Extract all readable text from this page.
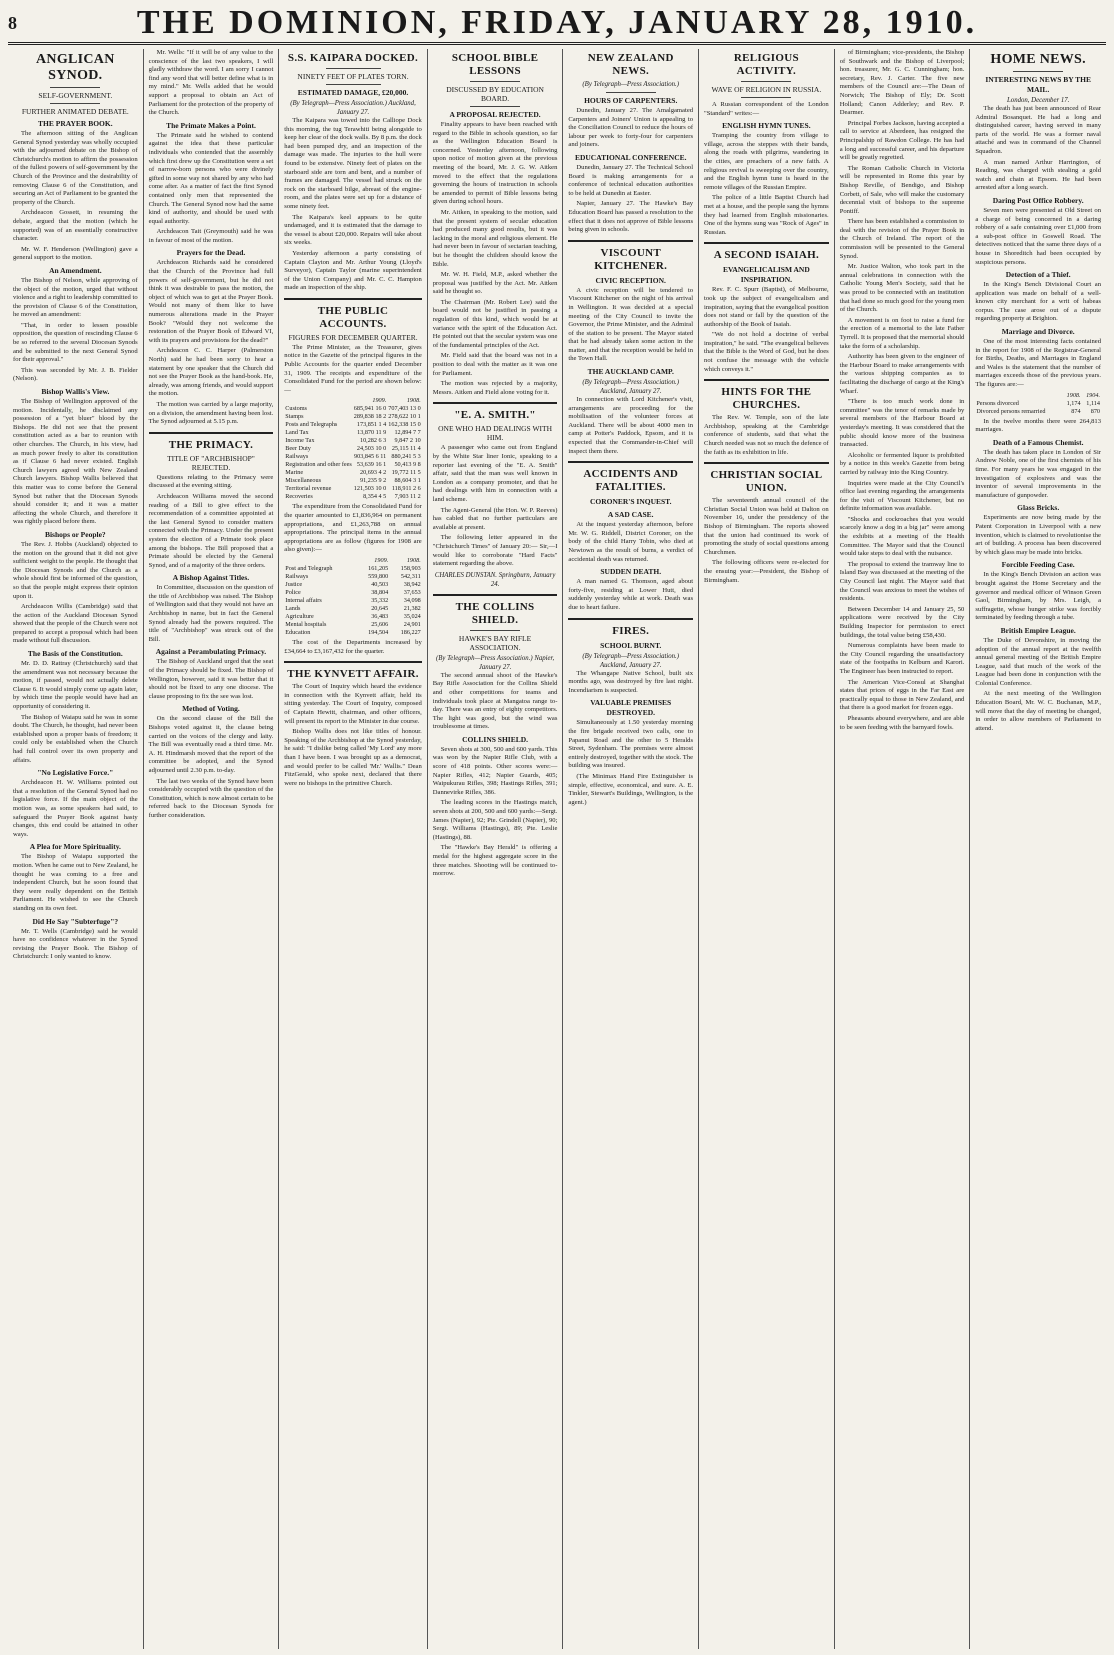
8	THE DOMINION, FRIDAY, JANUARY 28, 1910.
ANGLICAN SYNOD.
SELF-GOVERNMENT.
FURTHER ANIMATED DEBATE.
THE PRAYER BOOK.

The afternoon sitting of the Anglican General Synod yesterday was wholly occupied with the adjourned debate on the Bishop of Christchurch's motion to affirm the possession of the fullest powers of self-government by the Church of the Province and the desirability of removing Clause 6 of the Constitution, and securing an Act of Parliament to be granted the property of the Church.

Archdeacon Gossett, in resuming the debate, argued that the motion (which he supported) was of an essentially constructive character.

Mr. W. F. Henderson (Wellington) gave a general support to the motion.

An Amendment.

The Bishop of Nelson, while approving of the object of the motion, urged that without violence and a right to leadership committed to the provision of Clause 6 of the Constitution, he moved an amendment:

"That, in order to lessen possible opposition, the question of rescinding Clause 6 be so referred to the several Diocesan Synods and be submitted to the next General Synod for their approval."

This was seconded by Mr. J. B. Fielder (Nelson).

Bishop Wallis's View.

The Bishop of Wellington approved of the motion. Incidentally, he disclaimed any possession of a "yet bluer" blood by the Bishops. He did not see that the present constitution acted as a bar to reunion with other churches. The Church, in his view, had as much power freely to alter its constitution as if Clause 6 had never existed. English Church lawyers agreed with New Zealand Church lawyers. Bishop Wallis believed that this matter was to come before the General Synod but rather that the Diocesan Synods should consider it; and it was a matter affecting the whole Church, and therefore it was rightly placed before them.

Bishops or People?

The Rev. J. Hobbs (Auckland) objected to the motion on the ground that it did not give sufficient weight to the people. He thought that the Diocesan Synods and the Church as a whole should first be informed of the question, so that the people might express their opinion upon it.

Archdeacon Willis (Cambridge) said that the action of the Auckland Diocesan Synod showed that the people of the Church were not prepared to accept a proposal which had been made without full discussion.

The Basis of the Constitution.

Mr. D. D. Rattray (Christchurch) said that the amendment was not necessary because the motion, if passed, would not actually delete Clause 6. It would simply come up again later, by which time the people would have had an opportunity of considering it.

The Bishop of Waiapu said he was in some doubt. The Church, he thought, had never been established upon a proper basis of freedom; it could only be established when the Church had full control over its own property and affairs.

"No Legislative Force."

Archdeacon H. W. Williams pointed out that a resolution of the General Synod had no legislative force. If the main object of the motion was, as some speakers had said, to safeguard the Prayer Book against hasty changes, this end could be attained in other ways.

A Plea for More Spirituality.

The Bishop of Waiapu supported the motion. When he came out to New Zealand, he thought he was coming to a free and independent Church, but he soon found that they were really dependent on the British Parliament. He wished to see the Church standing on its own feet.

Did He Say "Subterfuge"?

Mr. T. Wells (Cambridge) said he would have no confidence whatever in the Synod revising the Prayer Book. The Bishop of Christchurch: I only wanted to know.

Mr. Wells: "If it will be of any value to the conscience of the last two speakers, I will gladly withdraw the word. I am sorry I cannot find any word that will better define what is in my mind." Mr. Wells added that he would support a proposal to obtain an Act of Parliament for the protection of the property of the Church.

The Primate Makes a Point.

The Primate said he wished to contend against the idea that these particular individuals who contended that the assembly which first drew up the Constitution were a set of narrow-born persons who were divinely gifted in some way not shared by any who had come after. As a matter of fact the first Synod contained only men that represented the Church. The General Synod now had the same kind of authority, and should be used with equal authority.

Archdeacon Tait (Greymouth) said he was in favour of most of the motion.

Prayers for the Dead.

Archdeacon Richards said he considered that the Church of the Province had full powers of self-government, but he did not think it was desirable to pass the motion, the object of which was to get at the Prayer Book. Would not many of them like to have numerous alterations made in the Prayer Book? "Would they not welcome the restoration of the Prayer Book of Edward VI, with its prayers and provisions for the dead?"

Archdeacon C. C. Harper (Palmerston North) said he had been sorry to hear a statement by one speaker that the Church did not see the Prayer Book as the hand-book. He, already, was among friends, and would support the motion.

The motion was carried by a large majority, on a division, the amendment having been lost. The Synod adjourned at 5.15 p.m.

THE PRIMACY.
TITLE OF "ARCHBISHOP" REJECTED.

Questions relating to the Primacy were discussed at the evening sitting.

Archdeacon Williams moved the second reading of a Bill to give effect to the recommendation of a committee appointed at the last General Synod to consider matters connected with the Primacy. Under the present system the election of a Primate took place among the bishops. The Bill proposed that a Primate should be elected by the General Synod, and of a majority of the three orders.

A Bishop Against Titles.

In Committee, discussion on the question of the title of Archbishop was raised. The Bishop of Wellington said that they would not have an Archbishop in name, but in fact the General Synod already had the powers required. The title of "Archbishop" was struck out of the Bill.

Against a Perambulating Primacy.

The Bishop of Auckland urged that the seat of the Primacy should be fixed. The Bishop of Wellington, however, said it was better that it should not be fixed to any one diocese. The clause proposing to fix the see was lost.

Method of Voting.

On the second clause of the Bill the Bishops voted against it, the clause being carried on the voices of the clergy and laity. The Bill was eventually read a third time. Mr. A. H. Hindmarsh moved that the report of the committee be adopted, and the Synod adjourned until 2.30 p.m. to-day.

The last two weeks of the Synod have been considerably occupied with the question of the Constitution, which is now almost certain to be referred back to the Diocesan Synods for further consideration.

S.S. KAIPARA DOCKED.
NINETY FEET OF PLATES TORN.
ESTIMATED DAMAGE, £20,000.
(By Telegraph—Press Association.) Auckland, January 27.

The Kaipara was towed into the Calliope Dock this morning, the tug Terawhiti being alongside to keep her clear of the dock walls. By 8 p.m. the dock had been pumped dry, and an inspection of the damage was made. The injuries to the hull were found to be extensive. Ninety feet of plates on the starboard side are torn and bent, and a number of frames are damaged. The vessel had struck on the rock on the starboard bilge, abreast of the engine-room, and the plates were set up for a distance of some ninety feet.

The Kaipara's keel appears to be quite undamaged, and it is estimated that the damage to the vessel is about £20,000. Repairs will take about six weeks.

Yesterday afternoon a party consisting of Captain Clayton and Mr. Arthur Young (Lloyd's Surveyor), Captain Taylor (marine superintendent of the Union Company) and Mr. C. C. Hampton made an inspection of the ship.

THE PUBLIC ACCOUNTS.
FIGURES FOR DECEMBER QUARTER.

The Prime Minister, as the Treasurer, gives notice in the Gazette of the principal figures in the Public Accounts for the quarter ended December 31, 1909. The receipts and expenditure of the Consolidated Fund for the period are shown below:—

	1909.	1908.
Customs	685,941 16 0	707,403 13 0
Stamps	289,838 18 2	278,622 10 1
Posts and Telegraphs	173,851 1 4	162,338 15 0
Land Tax	13,870 11 9	12,894 7 7
Income Tax	10,282 6 3	9,847 2 10
Beer Duty	24,503 10 0	25,115 11 4
Railways	903,845 6 11	880,241 5 3
Registration and other fees	53,639 16 1	50,413 9 8
Marine	20,693 4 2	19,772 11 5
Miscellaneous	91,235 9 2	88,604 3 1
Territorial revenue	121,503 10 0	118,911 2 6
Recoveries	8,354 4 5	7,903 11 2

The expenditure from the Consolidated Fund for the quarter amounted to £1,836,964 on permanent appropriations, and £1,263,788 on annual appropriations. The principal items in the annual appropriations are as follow (figures for 1908 are also given):—

	1909.	1908.
Post and Telegraph	161,205	158,903
Railways	559,800	542,311
Justice	40,503	38,942
Police	38,804	37,653
Internal affairs	35,332	34,098
Lands	20,645	21,382
Agriculture	36,483	35,024
Mental hospitals	25,606	24,901
Education	194,504	186,227

The cost of the Departments increased by £34,664 to £3,167,432 for the quarter.

THE KYNVETT AFFAIR.

The Court of Inquiry which heard the evidence in connection with the Kynvett affair, held its sitting yesterday. The Court of Inquiry, composed of Captain Hewitt, chairman, and other officers, will present its report to the Minister in due course.

Bishop Wallis does not like titles of honour. Speaking of the Archbishop at the Synod yesterday, he said: "I dislike being called 'My Lord' any more than I have been. I was brought up as a democrat, and would prefer to be called 'Mr.' Wallis." Dean FitzGerald, who spoke next, declared that there were no bishops in the primitive Church.

SCHOOL BIBLE LESSONS
DISCUSSED BY EDUCATION BOARD.
A PROPOSAL REJECTED.

Finality appears to have been reached with regard to the Bible in schools question, so far as the Wellington Education Board is concerned. Yesterday afternoon, following upon notice of motion given at the previous meeting of the board, Mr. J. G. W. Aitken moved to the effect that the regulations governing the hours of instruction in schools be amended to permit of Bible lessons being given during school hours.

Mr. Aitken, in speaking to the motion, said that the present system of secular education had produced many good results, but it was lacking in the moral and religious element. He had never been in favour of sectarian teaching, but he thought the children should know the Bible.

Mr. W. H. Field, M.P., asked whether the proposal was justified by the Act. Mr. Aitken said he thought so.

The Chairman (Mr. Robert Lee) said the board would not be justified in passing a regulation of this kind, which would be at variance with the spirit of the Education Act. He pointed out that the secular system was one of the fundamental principles of the Act.

Mr. Field said that the board was not in a position to deal with the matter as it was one for Parliament.

The motion was rejected by a majority, Messrs. Aitken and Field alone voting for it.

"E. A. SMITH."
ONE WHO HAD DEALINGS WITH HIM.

A passenger who came out from England by the White Star liner Ionic, speaking to a reporter last evening of the "E. A. Smith" affair, said that the man was well known in London as a company promoter, and that he had dealings with him in connection with a land scheme.

The Agent-General (the Hon. W. P. Reeves) has cabled that no further particulars are available at present.

The following letter appeared in the "Christchurch Times" of January 20:— Sir,—I would like to corroborate "Hard Facts" statement regarding the above.

CHARLES DUNSTAN. Springburn, January 24.
THE COLLINS SHIELD.
HAWKE'S BAY RIFLE ASSOCIATION.
(By Telegraph—Press Association.) Napier, January 27.

The second annual shoot of the Hawke's Bay Rifle Association for the Collins Shield and other competitions for teams and individuals took place at Mangatoa range to-day. There was an entry of eighty competitors. The light was good, but the wind was troublesome at times.

COLLINS SHIELD.

Seven shots at 300, 500 and 600 yards. This was won by the Napier Rifle Club, with a score of 418 points. Other scores were:—Napier Rifles, 412; Napier Guards, 405; Waipukurau Rifles, 398; Hastings Rifles, 391; Dannevirke Rifles, 386.

The leading scores in the Hastings match, seven shots at 200, 500 and 600 yards:—Sergt. James (Napier), 92; Pte. Grindell (Napier), 90; Sergt. Williams (Hastings), 89; Pte. Leslie (Hastings), 88.

The "Hawke's Bay Herald" is offering a medal for the highest aggregate score in the three matches. Shooting will be continued to-morrow.

NEW ZEALAND NEWS.
(By Telegraph—Press Association.)
HOURS OF CARPENTERS.

Dunedin, January 27. The Amalgamated Carpenters and Joiners' Union is appealing to the Conciliation Council to reduce the hours of labour per week to forty-four for carpenters and joiners.

EDUCATIONAL CONFERENCE.

Dunedin, January 27. The Technical School Board is making arrangements for a conference of technical education authorities to be held at Dunedin at Easter.

Napier, January 27. The Hawke's Bay Education Board has passed a resolution to the effect that it does not approve of Bible lessons being given in schools.

VISCOUNT KITCHENER.
CIVIC RECEPTION.

A civic reception will be tendered to Viscount Kitchener on the night of his arrival in Wellington. It was decided at a special meeting of the City Council to invite the Governor, the Prime Minister, and the Admiral of the station to be present. The Mayor stated that he had already taken some action in the matter, and that the reception would be held in the Town Hall.

THE AUCKLAND CAMP.
(By Telegraph—Press Association.) Auckland, January 27.

In connection with Lord Kitchener's visit, arrangements are proceeding for the mobilisation of the volunteer forces at Auckland. There will be about 4000 men in camp at Potter's Paddock, Epsom, and it is expected that the Commander-in-Chief will inspect them there.

ACCIDENTS AND FATALITIES.
CORONER'S INQUEST.
A SAD CASE.

At the inquest yesterday afternoon, before Mr. W. G. Riddell, District Coroner, on the body of the child Harry Tobin, who died at Newtown as the result of burns, a verdict of accidental death was returned.

SUDDEN DEATH.

A man named G. Thomson, aged about forty-five, residing at Lower Hutt, died suddenly yesterday while at work. Death was due to heart failure.

FIRES.
SCHOOL BURNT.
(By Telegraph—Press Association.) Auckland, January 27.

The Whangape Native School, built six months ago, was destroyed by fire last night. Incendiarism is suspected.

VALUABLE PREMISES DESTROYED.

Simultaneously at 1.50 yesterday morning the fire brigade received two calls, one to Papanui Road and the other to 5 Heralds Street, Sydenham. The premises were almost entirely destroyed, together with the stock. The building was insured.

(The Minimax Hand Fire Extinguisher is simple, effective, economical, and sure. A. E. Tinkler, Stewart's Buildings, Wellington, is the agent.)

RELIGIOUS ACTIVITY.
WAVE OF RELIGION IN RUSSIA.

A Russian correspondent of the London "Standard" writes:—

ENGLISH HYMN TUNES.

Tramping the country from village to village, across the steppes with their bands, along the roads with pilgrims, wandering in the cities, are preachers of a new faith. A religious revival is sweeping over the country, and the English hymn tune is heard in the remote villages of the Russian Empire.

The police of a little Baptist Church had met at a house, and the people sang the hymns they had learned from English missionaries. One of the hymns sung was "Rock of Ages" in Russian.

A SECOND ISAIAH.
EVANGELICALISM AND INSPIRATION.

Rev. F. C. Spurr (Baptist), of Melbourne, took up the subject of evangelicalism and inspiration, saying that the evangelical position does not stand or fall by the question of the authorship of the Book of Isaiah.

"We do not hold a doctrine of verbal inspiration," he said. "The evangelical believes that the Bible is the Word of God, but he does not confuse the message with the vehicle which conveys it."

HINTS FOR THE CHURCHES.

The Rev. W. Temple, son of the late Archbishop, speaking at the Cambridge conference of students, said that what the Church needed was not so much the defence of the faith as its exhibition in life.

CHRISTIAN SOCIAL UNION.

The seventeenth annual council of the Christian Social Union was held at Dalton on November 16, under the presidency of the Bishop of Birmingham. The reports showed that the union had continued its work of promoting the study of social questions among Churchmen.

The following officers were re-elected for the ensuing year:—President, the Bishop of Birmingham.

of Birmingham; vice-presidents, the Bishop of Southwark and the Bishop of Liverpool; hon. treasurer, Mr. G. C. Cunningham; hon. secretary, Rev. J. Carter. The five new members of the Council are:—The Dean of Norwich; The Bishop of Ely; Dr. Scott Holland; Canon Adderley; and Rev. P. Dearmer.

Principal Forbes Jackson, having accepted a call to service at Aberdeen, has resigned the Principalship of Rawdon College. He has had a long and successful career, and his departure will be greatly regretted.

The Roman Catholic Church in Victoria will be represented in Rome this year by Bishop Reville, of Bendigo, and Bishop Corbett, of Sale, who will make the customary decennial visit of bishops to the supreme Pontiff.

There has been established a commission to deal with the revision of the Prayer Book in the Church of Ireland. The report of the commission will be presented to the General Synod.

Mr. Justice Walton, who took part in the annual celebrations in connection with the Catholic Young Men's Society, said that he was proud to be connected with an institution that had done so much good for the young men of the Church.

A movement is on foot to raise a fund for the erection of a memorial to the late Father Tyrrell. It is proposed that the memorial should take the form of a scholarship.

Authority has been given to the engineer of the Harbour Board to make arrangements with the various shipping companies as to facilitating the discharge of cargo at the King's Wharf.

"There is too much work done in committee" was the tenor of remarks made by several members of the Harbour Board at yesterday's meeting. It was considered that the public should know more of the business transacted.

Alcoholic or fermented liquor is prohibited by a notice in this week's Gazette from being carried by railway into the King Country.

Inquiries were made at the City Council's office last evening regarding the arrangements for the visit of Viscount Kitchener, but no definite information was available.

"Shocks and cockroaches that you would scarcely know a dog in a big jar" were among the exhibits at a meeting of the Health Committee. The Mayor said that the Council would take steps to deal with the nuisance.

The proposal to extend the tramway line to Island Bay was discussed at the meeting of the City Council last night. The Mayor said that the Council was anxious to meet the wishes of residents.

Between December 14 and January 25, 50 applications were received by the City Building Inspector for permission to erect buildings, the total value being £58,430.

Numerous complaints have been made to the City Council regarding the unsatisfactory state of the footpaths in Kelburn and Karori. The Engineer has been instructed to report.

The American Vice-Consul at Shanghai states that prices of eggs in the Far East are practically equal to those in New Zealand, and that there is a good market for frozen eggs.

Pheasants abound everywhere, and are able to be seen feeding with the barnyard fowls.

HOME NEWS.
INTERESTING NEWS BY THE MAIL.
London, December 17.

The death has just been announced of Rear Admiral Bosanquet. He had a long and distinguished career, having served in many parts of the world. He was a former naval attaché and was in command of the Channel Squadron.

A man named Arthur Harrington, of Reading, was charged with stealing a gold watch and chain at Epsom. He had been arrested after a long search.

Daring Post Office Robbery.

Seven men were presented at Old Street on a charge of being concerned in a daring robbery of a safe containing over £1,000 from a sub-post office in Goswell Road. The detectives noticed that the same three days of a house in Shoreditch had been occupied by suspicious persons.

Detection of a Thief.

In the King's Bench Divisional Court an application was made on behalf of a well-known city merchant for a writ of habeas corpus. The case arose out of a dispute regarding property at Brighton.

Marriage and Divorce.

One of the most interesting facts contained in the report for 1908 of the Registrar-General for Births, Deaths, and Marriages in England and Wales is the statement that the number of marriages exceeds those of the previous years. The figures are:—

	1908.	1904.
Persons divorced	1,174	1,114
Divorced persons remarried	874	870

In the twelve months there were 264,813 marriages.

Death of a Famous Chemist.

The death has taken place in London of Sir Andrew Noble, one of the first chemists of his time. For many years he was engaged in the investigation of explosives and was the inventor of several improvements in the manufacture of gunpowder.

Glass Bricks.

Experiments are now being made by the Patent Corporation in Liverpool with a new invention, which is claimed to revolutionise the art of building. A process has been discovered by which glass may be made into bricks.

Forcible Feeding Case.

In the King's Bench Division an action was brought against the Home Secretary and the governor and medical officer of Winson Green Gaol, Birmingham, by Mrs. Leigh, a suffragette, whose hunger strike was forcibly terminated by feeding through a tube.

British Empire League.

The Duke of Devonshire, in moving the adoption of the annual report at the twelfth annual general meeting of the British Empire League, said that much of the work of the League had been done in conjunction with the Colonial Conference.

At the next meeting of the Wellington Education Board, Mr. W. C. Buchanan, M.P., will move that the day of meeting be changed, in order to allow members of Parliament to attend.
